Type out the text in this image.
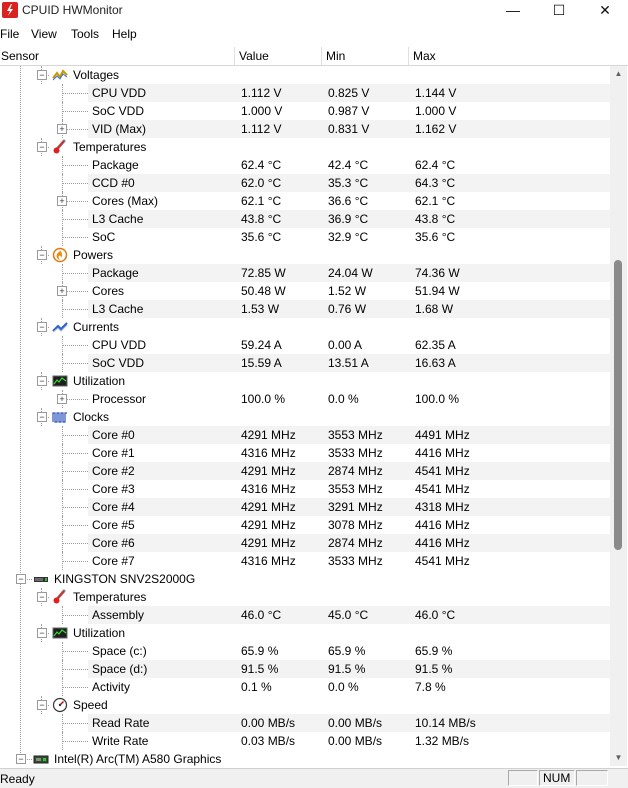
CPUID HWMonitor	—	☐	✕
File View Tools Help
Sensor	Value	Min	Max
− Voltages
CPU VDD	1.112 V	0.825 V	1.144 V
SoC VDD	1.000 V	0.987 V	1.000 V
+ VID (Max)	1.112 V	0.831 V	1.162 V
− Temperatures
Package	62.4 °C	42.4 °C	62.4 °C
CCD #0	62.0 °C	35.3 °C	64.3 °C
+ Cores (Max)	62.1 °C	36.6 °C	62.1 °C
L3 Cache	43.8 °C	36.9 °C	43.8 °C
SoC	35.6 °C	32.9 °C	35.6 °C
− Powers
Package	72.85 W	24.04 W	74.36 W
+ Cores	50.48 W	1.52 W	51.94 W
L3 Cache	1.53 W	0.76 W	1.68 W
− Currents
CPU VDD	59.24 A	0.00 A	62.35 A
SoC VDD	15.59 A	13.51 A	16.63 A
− Utilization
+ Processor	100.0 %	0.0 %	100.0 %
− Clocks
Core #0	4291 MHz	3553 MHz	4491 MHz
Core #1	4316 MHz	3533 MHz	4416 MHz
Core #2	4291 MHz	2874 MHz	4541 MHz
Core #3	4316 MHz	3553 MHz	4541 MHz
Core #4	4291 MHz	3291 MHz	4318 MHz
Core #5	4291 MHz	3078 MHz	4416 MHz
Core #6	4291 MHz	2874 MHz	4416 MHz
Core #7	4316 MHz	3533 MHz	4541 MHz
−	KINGSTON SNV2S2000G
− Temperatures
Assembly	46.0 °C	45.0 °C	46.0 °C
− Utilization
Space (c:)	65.9 %	65.9 %	65.9 %
Space (d:)	91.5 %	91.5 %	91.5 %
Activity	0.1 %	0.0 %	7.8 %
− Speed
Read Rate	0.00 MB/s	0.00 MB/s	10.14 MB/s
Write Rate	0.03 MB/s	0.00 MB/s	1.32 MB/s
−	Intel(R) Arc(TM) A580 Graphics
▲
▼
Ready	NUM
